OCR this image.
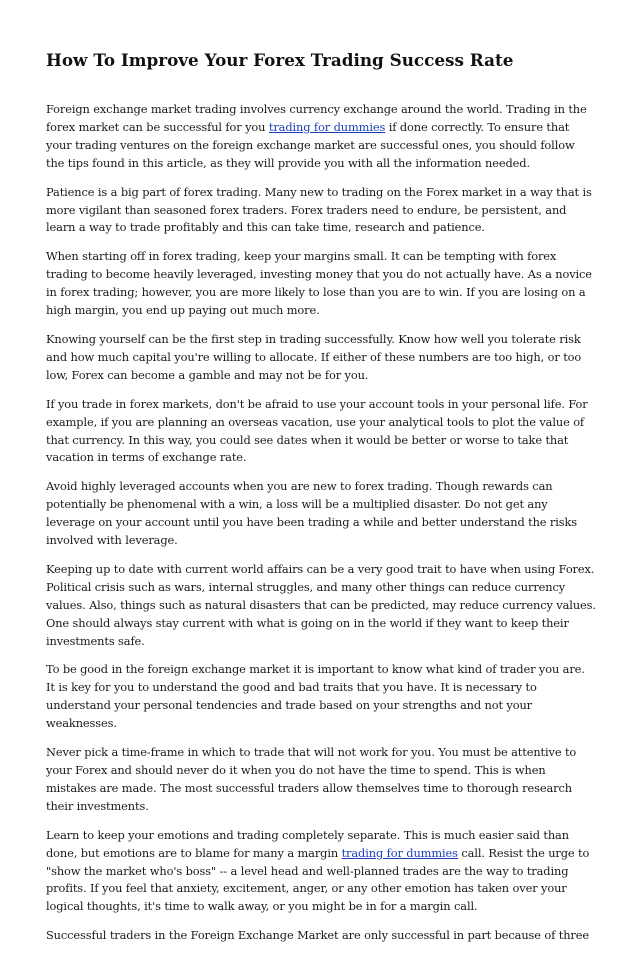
How To Improve Your Forex Trading Success Rate

Foreign exchange market trading involves currency exchange around the world. Trading in the forex market can be successful for you trading for dummies if done correctly. To ensure that your trading ventures on the foreign exchange market are successful ones, you should follow the tips found in this article, as they will provide you with all the information needed.

Patience is a big part of forex trading. Many new to trading on the Forex market in a way that is more vigilant than seasoned forex traders. Forex traders need to endure, be persistent, and learn a way to trade profitably and this can take time, research and patience.

When starting off in forex trading, keep your margins small. It can be tempting with forex trading to become heavily leveraged, investing money that you do not actually have. As a novice in forex trading; however, you are more likely to lose than you are to win. If you are losing on a high margin, you end up paying out much more.

Knowing yourself can be the first step in trading successfully. Know how well you tolerate risk and how much capital you're willing to allocate. If either of these numbers are too high, or too low, Forex can become a gamble and may not be for you.

If you trade in forex markets, don't be afraid to use your account tools in your personal life. For example, if you are planning an overseas vacation, use your analytical tools to plot the value of that currency. In this way, you could see dates when it would be better or worse to take that vacation in terms of exchange rate.

Avoid highly leveraged accounts when you are new to forex trading. Though rewards can potentially be phenomenal with a win, a loss will be a multiplied disaster. Do not get any leverage on your account until you have been trading a while and better understand the risks involved with leverage.

Keeping up to date with current world affairs can be a very good trait to have when using Forex. Political crisis such as wars, internal struggles, and many other things can reduce currency values. Also, things such as natural disasters that can be predicted, may reduce currency values. One should always stay current with what is going on in the world if they want to keep their investments safe.

To be good in the foreign exchange market it is important to know what kind of trader you are. It is key for you to understand the good and bad traits that you have. It is necessary to understand your personal tendencies and trade based on your strengths and not your weaknesses.

Never pick a time-frame in which to trade that will not work for you. You must be attentive to your Forex and should never do it when you do not have the time to spend. This is when mistakes are made. The most successful traders allow themselves time to thorough research their investments.

Learn to keep your emotions and trading completely separate. This is much easier said than done, but emotions are to blame for many a margin trading for dummies call. Resist the urge to "show the market who's boss" -- a level head and well-planned trades are the way to trading profits. If you feel that anxiety, excitement, anger, or any other emotion has taken over your logical thoughts, it's time to walk away, or you might be in for a margin call.

Successful traders in the Foreign Exchange Market are only successful in part because of three
